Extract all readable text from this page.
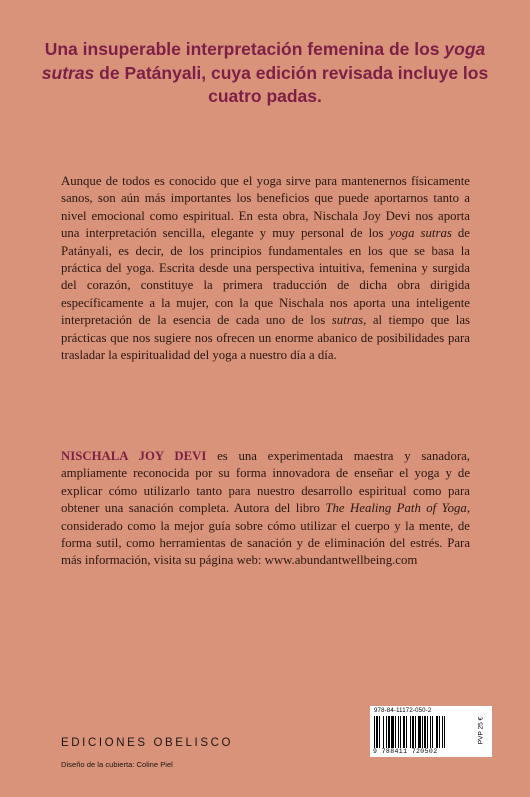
Una insuperable interpretación femenina de los yoga sutras de Patányali, cuya edición revisada incluye los cuatro padas.
Aunque de todos es conocido que el yoga sirve para mantenernos físicamente sanos, son aún más importantes los beneficios que puede aportarnos tanto a nivel emocional como espiritual. En esta obra, Nischala Joy Devi nos aporta una interpretación sencilla, elegante y muy personal de los yoga sutras de Patányali, es decir, de los principios fundamentales en los que se basa la práctica del yoga. Escrita desde una perspectiva intuitiva, femenina y surgida del corazón, constituye la primera traducción de dicha obra dirigida específicamente a la mujer, con la que Nischala nos aporta una inteligente interpretación de la esencia de cada uno de los sutras, al tiempo que las prácticas que nos sugiere nos ofrecen un enorme abanico de posibilidades para trasladar la espiritualidad del yoga a nuestro día a día.
NISCHALA JOY DEVI es una experimentada maestra y sanadora, ampliamente reconocida por su forma innovadora de enseñar el yoga y de explicar cómo utilizarlo tanto para nuestro desarrollo espiritual como para obtener una sanación completa. Autora del libro The Healing Path of Yoga, considerado como la mejor guía sobre cómo utilizar el cuerpo y la mente, de forma sutil, como herramientas de sanación y de eliminación del estrés. Para más información, visita su página web: www.abundantwellbeing.com
978-84-11172-050-2
9 788411 720502
PVP 25 €
EDICIONES OBELISCO
Diseño de la cubierta: Coline Piel
